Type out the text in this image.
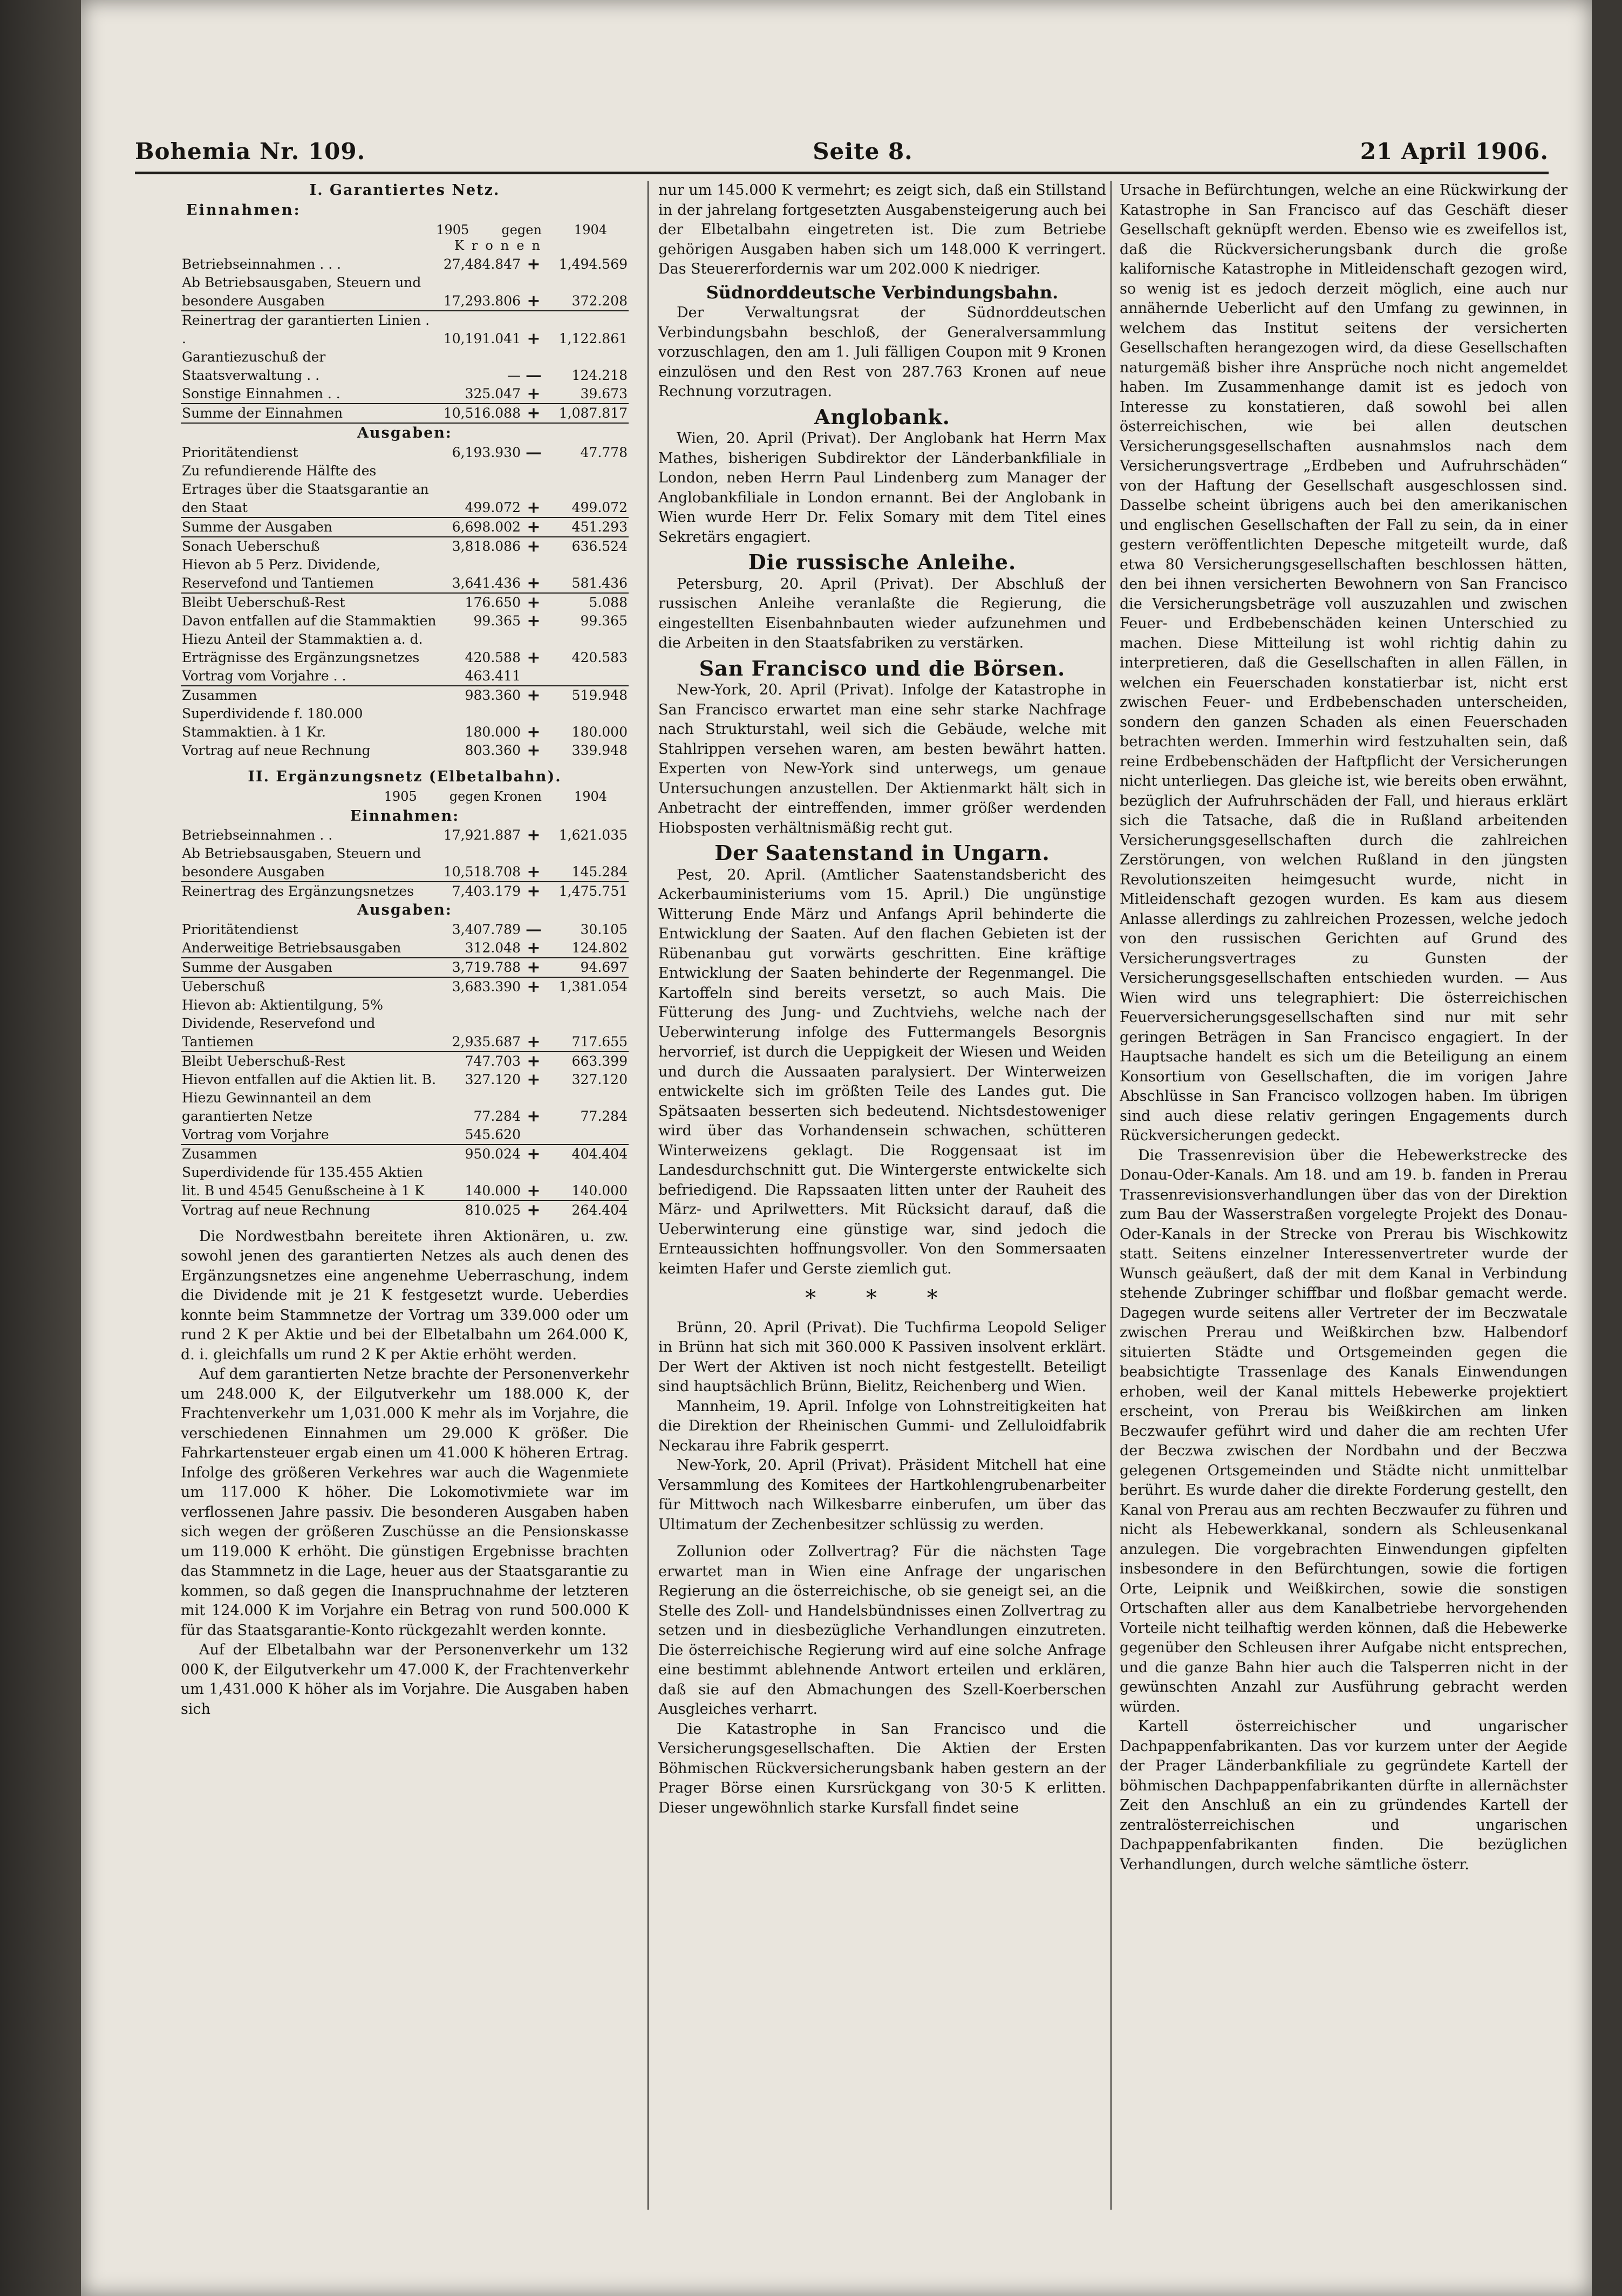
Bohemia Nr. 109.	Seite 8.	21 April 1906.
I. Garantiertes Netz.
Einnahmen:
1905	gegen	1904
Kronen
Betriebseinnahmen . . .	27,484.847	+	1,494.569
Ab Betriebsausgaben, Steuern und besondere Ausgaben	17,293.806	+	372.208
Reinertrag der garantierten Linien . .	10,191.041	+	1,122.861
Garantiezuschuß der Staatsverwaltung . .	—	—	124.218
Sonstige Einnahmen . .	325.047	+	39.673
Summe der Einnahmen	10,516.088	+	1,087.817
Ausgaben:
Prioritätendienst	6,193.930	—	47.778
Zu refundierende Hälfte des Ertrages über die Staatsgarantie an den Staat	499.072	+	499.072
Summe der Ausgaben	6,698.002	+	451.293
Sonach Ueberschuß	3,818.086	+	636.524
Hievon ab 5 Perz. Dividende, Reservefond und Tantiemen	3,641.436	+	581.436
Bleibt Ueberschuß-Rest	176.650	+	5.088
Davon entfallen auf die Stammaktien	99.365	+	99.365
Hiezu Anteil der Stammaktien a. d. Erträgnisse des Ergänzungsnetzes	420.588	+	420.583
Vortrag vom Vorjahre . .	463.411		
Zusammen	983.360	+	519.948
Superdividende f. 180.000 Stammaktien. à 1 Kr.	180.000	+	180.000
Vortrag auf neue Rechnung	803.360	+	339.948
II. Ergänzungsnetz (Elbetalbahn).
1905	gegen Kronen	1904
Einnahmen:
Betriebseinnahmen . .	17,921.887	+	1,621.035
Ab Betriebsausgaben, Steuern und besondere Ausgaben	10,518.708	+	145.284
Reinertrag des Ergänzungsnetzes	7,403.179	+	1,475.751
Ausgaben:
Prioritätendienst	3,407.789	—	30.105
Anderweitige Betriebsausgaben	312.048	+	124.802
Summe der Ausgaben	3,719.788	+	94.697
Ueberschuß	3,683.390	+	1,381.054
Hievon ab: Aktientilgung, 5% Dividende, Reservefond und Tantiemen	2,935.687	+	717.655
Bleibt Ueberschuß-Rest	747.703	+	663.399
Hievon entfallen auf die Aktien lit. B.	327.120	+	327.120
Hiezu Gewinnanteil an dem garantierten Netze	77.284	+	77.284
Vortrag vom Vorjahre	545.620		
Zusammen	950.024	+	404.404
Superdividende für 135.455 Aktien lit. B und 4545 Genußscheine à 1 K	140.000	+	140.000
Vortrag auf neue Rechnung	810.025	+	264.404

Die Nordwestbahn bereitete ihren Aktionären, u. zw. sowohl jenen des garantierten Netzes als auch denen des Ergänzungsnetzes eine angenehme Ueberraschung, indem die Dividende mit je 21 K festgesetzt wurde. Ueberdies konnte beim Stammnetze der Vortrag um 339.000 oder um rund 2 K per Aktie und bei der Elbetalbahn um 264.000 K, d. i. gleichfalls um rund 2 K per Aktie erhöht werden.

Auf dem garantierten Netze brachte der Personenverkehr um 248.000 K, der Eilgutverkehr um 188.000 K, der Frachtenverkehr um 1,031.000 K mehr als im Vorjahre, die verschiedenen Einnahmen um 29.000 K größer. Die Fahrkartensteuer ergab einen um 41.000 K höheren Ertrag. Infolge des größeren Verkehres war auch die Wagenmiete um 117.000 K höher. Die Lokomotivmiete war im verflossenen Jahre passiv. Die besonderen Ausgaben haben sich wegen der größeren Zuschüsse an die Pensionskasse um 119.000 K erhöht. Die günstigen Ergebnisse brachten das Stammnetz in die Lage, heuer aus der Staatsgarantie zu kommen, so daß gegen die Inanspruchnahme der letzteren mit 124.000 K im Vorjahre ein Betrag von rund 500.000 K für das Staatsgarantie-Konto rückgezahlt werden konnte.

Auf der Elbetalbahn war der Personenverkehr um 132 000 K, der Eilgutverkehr um 47.000 K, der Frachtenverkehr um 1,431.000 K höher als im Vorjahre. Die Ausgaben haben sich

nur um 145.000 K vermehrt; es zeigt sich, daß ein Stillstand in der jahrelang fortgesetzten Ausgabensteigerung auch bei der Elbetalbahn eingetreten ist. Die zum Betriebe gehörigen Ausgaben haben sich um 148.000 K verringert. Das Steuererfordernis war um 202.000 K niedriger.

Südnorddeutsche Verbindungsbahn.

Der Verwaltungsrat der Südnorddeutschen Verbindungsbahn beschloß, der Generalversammlung vorzuschlagen, den am 1. Juli fälligen Coupon mit 9 Kronen einzulösen und den Rest von 287.763 Kronen auf neue Rechnung vorzutragen.

Anglobank.

Wien, 20. April (Privat). Der Anglobank hat Herrn Max Mathes, bisherigen Subdirektor der Länderbankfiliale in London, neben Herrn Paul Lindenberg zum Manager der Anglobankfiliale in London ernannt. Bei der Anglobank in Wien wurde Herr Dr. Felix Somary mit dem Titel eines Sekretärs engagiert.

Die russische Anleihe.

Petersburg, 20. April (Privat). Der Abschluß der russischen Anleihe veranlaßte die Regierung, die eingestellten Eisenbahnbauten wieder aufzunehmen und die Arbeiten in den Staatsfabriken zu verstärken.

San Francisco und die Börsen.

New-York, 20. April (Privat). Infolge der Katastrophe in San Francisco erwartet man eine sehr starke Nachfrage nach Strukturstahl, weil sich die Gebäude, welche mit Stahlrippen versehen waren, am besten bewährt hatten. Experten von New-York sind unterwegs, um genaue Untersuchungen anzustellen. Der Aktienmarkt hält sich in Anbetracht der eintreffenden, immer größer werdenden Hiobsposten verhältnismäßig recht gut.

Der Saatenstand in Ungarn.

Pest, 20. April. (Amtlicher Saatenstandsbericht des Ackerbauministeriums vom 15. April.) Die ungünstige Witterung Ende März und Anfangs April behinderte die Entwicklung der Saaten. Auf den flachen Gebieten ist der Rübenanbau gut vorwärts geschritten. Eine kräftige Entwicklung der Saaten behinderte der Regenmangel. Die Kartoffeln sind bereits versetzt, so auch Mais. Die Fütterung des Jung- und Zuchtviehs, welche nach der Ueberwinterung infolge des Futtermangels Besorgnis hervorrief, ist durch die Ueppigkeit der Wiesen und Weiden und durch die Aussaaten paralysiert. Der Winterweizen entwickelte sich im größten Teile des Landes gut. Die Spätsaaten besserten sich bedeutend. Nichtsdestoweniger wird über das Vorhandensein schwachen, schütteren Winterweizens geklagt. Die Roggensaat ist im Landesdurchschnitt gut. Die Wintergerste entwickelte sich befriedigend. Die Rapssaaten litten unter der Rauheit des März- und Aprilwetters. Mit Rücksicht darauf, daß die Ueberwinterung eine günstige war, sind jedoch die Ernteaussichten hoffnungsvoller. Von den Sommersaaten keimten Hafer und Gerste ziemlich gut.

* * *

Brünn, 20. April (Privat). Die Tuchfirma Leopold Seliger in Brünn hat sich mit 360.000 K Passiven insolvent erklärt. Der Wert der Aktiven ist noch nicht festgestellt. Beteiligt sind hauptsächlich Brünn, Bielitz, Reichenberg und Wien.

Mannheim, 19. April. Infolge von Lohnstreitigkeiten hat die Direktion der Rheinischen Gummi- und Zelluloidfabrik Neckarau ihre Fabrik gesperrt.

New-York, 20. April (Privat). Präsident Mitchell hat eine Versammlung des Komitees der Hartkohlengrubenarbeiter für Mittwoch nach Wilkesbarre einberufen, um über das Ultimatum der Zechenbesitzer schlüssig zu werden.

Zollunion oder Zollvertrag? Für die nächsten Tage erwartet man in Wien eine Anfrage der ungarischen Regierung an die österreichische, ob sie geneigt sei, an die Stelle des Zoll- und Handelsbündnisses einen Zollvertrag zu setzen und in diesbezügliche Verhandlungen einzutreten. Die österreichische Regierung wird auf eine solche Anfrage eine bestimmt ablehnende Antwort erteilen und erklären, daß sie auf den Abmachungen des Szell-Koerberschen Ausgleiches verharrt.

Die Katastrophe in San Francisco und die Versicherungsgesellschaften. Die Aktien der Ersten Böhmischen Rückversicherungsbank haben gestern an der Prager Börse einen Kursrückgang von 30·5 K erlitten. Dieser ungewöhnlich starke Kursfall findet seine

Ursache in Befürchtungen, welche an eine Rückwirkung der Katastrophe in San Francisco auf das Geschäft dieser Gesellschaft geknüpft werden. Ebenso wie es zweifellos ist, daß die Rückversicherungsbank durch die große kalifornische Katastrophe in Mitleidenschaft gezogen wird, so wenig ist es jedoch derzeit möglich, eine auch nur annähernde Ueberlicht auf den Umfang zu gewinnen, in welchem das Institut seitens der versicherten Gesellschaften herangezogen wird, da diese Gesellschaften naturgemäß bisher ihre Ansprüche noch nicht angemeldet haben. Im Zusammenhange damit ist es jedoch von Interesse zu konstatieren, daß sowohl bei allen österreichischen, wie bei allen deutschen Versicherungsgesellschaften ausnahmslos nach dem Versicherungsvertrage „Erdbeben und Aufruhrschäden“ von der Haftung der Gesellschaft ausgeschlossen sind. Dasselbe scheint übrigens auch bei den amerikanischen und englischen Gesellschaften der Fall zu sein, da in einer gestern veröffentlichten Depesche mitgeteilt wurde, daß etwa 80 Versicherungsgesellschaften beschlossen hätten, den bei ihnen versicherten Bewohnern von San Francisco die Versicherungsbeträge voll auszuzahlen und zwischen Feuer- und Erdbebenschäden keinen Unterschied zu machen. Diese Mitteilung ist wohl richtig dahin zu interpretieren, daß die Gesellschaften in allen Fällen, in welchen ein Feuerschaden konstatierbar ist, nicht erst zwischen Feuer- und Erdbebenschaden unterscheiden, sondern den ganzen Schaden als einen Feuerschaden betrachten werden. Immerhin wird festzuhalten sein, daß reine Erdbebenschäden der Haftpflicht der Versicherungen nicht unterliegen. Das gleiche ist, wie bereits oben erwähnt, bezüglich der Aufruhrschäden der Fall, und hieraus erklärt sich die Tatsache, daß die in Rußland arbeitenden Versicherungsgesellschaften durch die zahlreichen Zerstörungen, von welchen Rußland in den jüngsten Revolutionszeiten heimgesucht wurde, nicht in Mitleidenschaft gezogen wurden. Es kam aus diesem Anlasse allerdings zu zahlreichen Prozessen, welche jedoch von den russischen Gerichten auf Grund des Versicherungsvertrages zu Gunsten der Versicherungsgesellschaften entschieden wurden. — Aus Wien wird uns telegraphiert: Die österreichischen Feuerversicherungsgesellschaften sind nur mit sehr geringen Beträgen in San Francisco engagiert. In der Hauptsache handelt es sich um die Beteiligung an einem Konsortium von Gesellschaften, die im vorigen Jahre Abschlüsse in San Francisco vollzogen haben. Im übrigen sind auch diese relativ geringen Engagements durch Rückversicherungen gedeckt.

Die Trassenrevision über die Hebewerkstrecke des Donau-Oder-Kanals. Am 18. und am 19. b. fanden in Prerau Trassenrevisionsverhandlungen über das von der Direktion zum Bau der Wasserstraßen vorgelegte Projekt des Donau-Oder-Kanals in der Strecke von Prerau bis Wischkowitz statt. Seitens einzelner Interessenvertreter wurde der Wunsch geäußert, daß der mit dem Kanal in Verbindung stehende Zubringer schiffbar und floßbar gemacht werde. Dagegen wurde seitens aller Vertreter der im Beczwatale zwischen Prerau und Weißkirchen bzw. Halbendorf situierten Städte und Ortsgemeinden gegen die beabsichtigte Trassenlage des Kanals Einwendungen erhoben, weil der Kanal mittels Hebewerke projektiert erscheint, von Prerau bis Weißkirchen am linken Beczwaufer geführt wird und daher die am rechten Ufer der Beczwa zwischen der Nordbahn und der Beczwa gelegenen Ortsgemeinden und Städte nicht unmittelbar berührt. Es wurde daher die direkte Forderung gestellt, den Kanal von Prerau aus am rechten Beczwaufer zu führen und nicht als Hebewerkkanal, sondern als Schleusenkanal anzulegen. Die vorgebrachten Einwendungen gipfelten insbesondere in den Befürchtungen, sowie die fortigen Orte, Leipnik und Weißkirchen, sowie die sonstigen Ortschaften aller aus dem Kanalbetriebe hervorgehenden Vorteile nicht teilhaftig werden können, daß die Hebewerke gegenüber den Schleusen ihrer Aufgabe nicht entsprechen, und die ganze Bahn hier auch die Talsperren nicht in der gewünschten Anzahl zur Ausführung gebracht werden würden.

Kartell österreichischer und ungarischer Dachpappenfabrikanten. Das vor kurzem unter der Aegide der Prager Länderbankfiliale zu gegründete Kartell der böhmischen Dachpappenfabrikanten dürfte in allernächster Zeit den Anschluß an ein zu gründendes Kartell der zentralösterreichischen und ungarischen Dachpappenfabrikanten finden. Die bezüglichen Verhandlungen, durch welche sämtliche österr.
